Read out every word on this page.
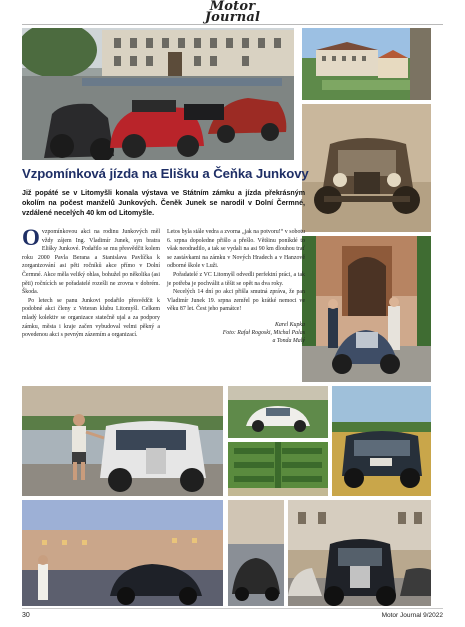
Motor
Journal
Vzpomínková jízda na Elišku a Čeňka Junkovy
Již popáté se v Litomyšli konala výstava ve Státním zámku a jízda překrásným okolím na počest manželů Junkových. Čeněk Junek se narodil v Dolní Čermné, vzdálené necelých 40 km od Litomyšle.

Ovzpomínkovou akci na rodinu Junkových měl vždy zájem Ing. Vladimír Junek, syn bratra Elišky Junkové. Podařilo se mu přesvědčit kolem roku 2000 Pavla Berana a Stanislava Pavlíčka k zorganizování asi pěti ročníků akce přímo v Dolní Čermné. Akce měla veliký ohlas, bohužel po několika (asi pěti) ročnících se pořadatelé rozešli ne zrovna v dobrém. Škoda.

Po letech se panu Junkovi podařilo přesvědčit k podobné akci členy z Veteran klubu Litomyšl. Celkem mladý kolektiv se organizace statečně ujal a za podpory zámku, města i kraje začen vybudoval velmi pěkný a povedenou akci s pevným zázemím a organizací.

Letos byla stále vedra a zvorna „jak na potvoru!“ v sobotu 6. srpna dopoledne přišlo a přešlo. Většinu poníkdé to však neodradilo, a tak se vydali na asi 90 km dlouhou trať se zastávkami na zámku v Nových Hradech a v Hanzově odborné škole v Luži.

Pořadatelé z VC Litomyšl odvedli perfektní práci, a tak je potřeba je pochválit a těšit se opět na dva roky.

Necelých 14 dní po akci přišla smutná zpráva, že pan Vladimír Junek 19. srpna zemřel po krátké nemoci ve věku 87 let. Čest jeho památce!

Karel Kupka
Foto: Rafał Rogoski, Michal Palas
a Tonda Malý
30	Motor Journal 9/2022
